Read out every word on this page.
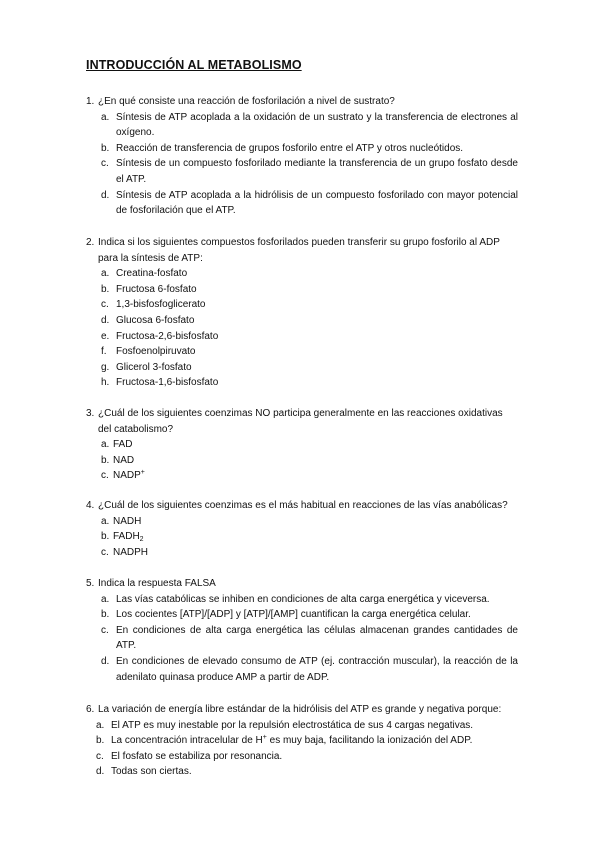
INTRODUCCIÓN AL METABOLISMO
1. ¿En qué consiste una reacción de fosforilación a nivel de sustrato?
a. Síntesis de ATP acoplada a la oxidación de un sustrato y la transferencia de electrones al oxígeno.
b. Reacción de transferencia de grupos fosforilo entre el ATP y otros nucleótidos.
c. Síntesis de un compuesto fosforilado mediante la transferencia de un grupo fosfato desde el ATP.
d. Síntesis de ATP acoplada a la hidrólisis de un compuesto fosforilado con mayor potencial de fosforilación que el ATP.
2. Indica si los siguientes compuestos fosforilados pueden transferir su grupo fosforilo al ADP para la síntesis de ATP:
a. Creatina-fosfato
b. Fructosa 6-fosfato
c. 1,3-bisfosfoglicerato
d. Glucosa 6-fosfato
e. Fructosa-2,6-bisfosfato
f. Fosfoenolpiruvato
g. Glicerol 3-fosfato
h. Fructosa-1,6-bisfosfato
3. ¿Cuál de los siguientes coenzimas NO participa generalmente en las reacciones oxidativas del catabolismo?
a. FAD
b. NAD
c. NADP+
4. ¿Cuál de los siguientes coenzimas es el más habitual en reacciones de las vías anabólicas?
a. NADH
b. $FADH_2$
c. NADPH
5. Indica la respuesta FALSA
a. Las vías catabólicas se inhiben en condiciones de alta carga energética y viceversa.
b. Los cocientes [ATP]/[ADP] y [ATP]/[AMP] cuantifican la carga energética celular.
c. En condiciones de alta carga energética las células almacenan grandes cantidades de ATP.
d. En condiciones de elevado consumo de ATP (ej. contracción muscular), la reacción de la adenilato quinasa produce AMP a partir de ADP.
6. La variación de energía libre estándar de la hidrólisis del ATP es grande y negativa porque:
a. El ATP es muy inestable por la repulsión electrostática de sus 4 cargas negativas.
b. La concentración intracelular de H+ es muy baja, facilitando la ionización del ADP.
c. El fosfato se estabiliza por resonancia.
d. Todas son ciertas.
